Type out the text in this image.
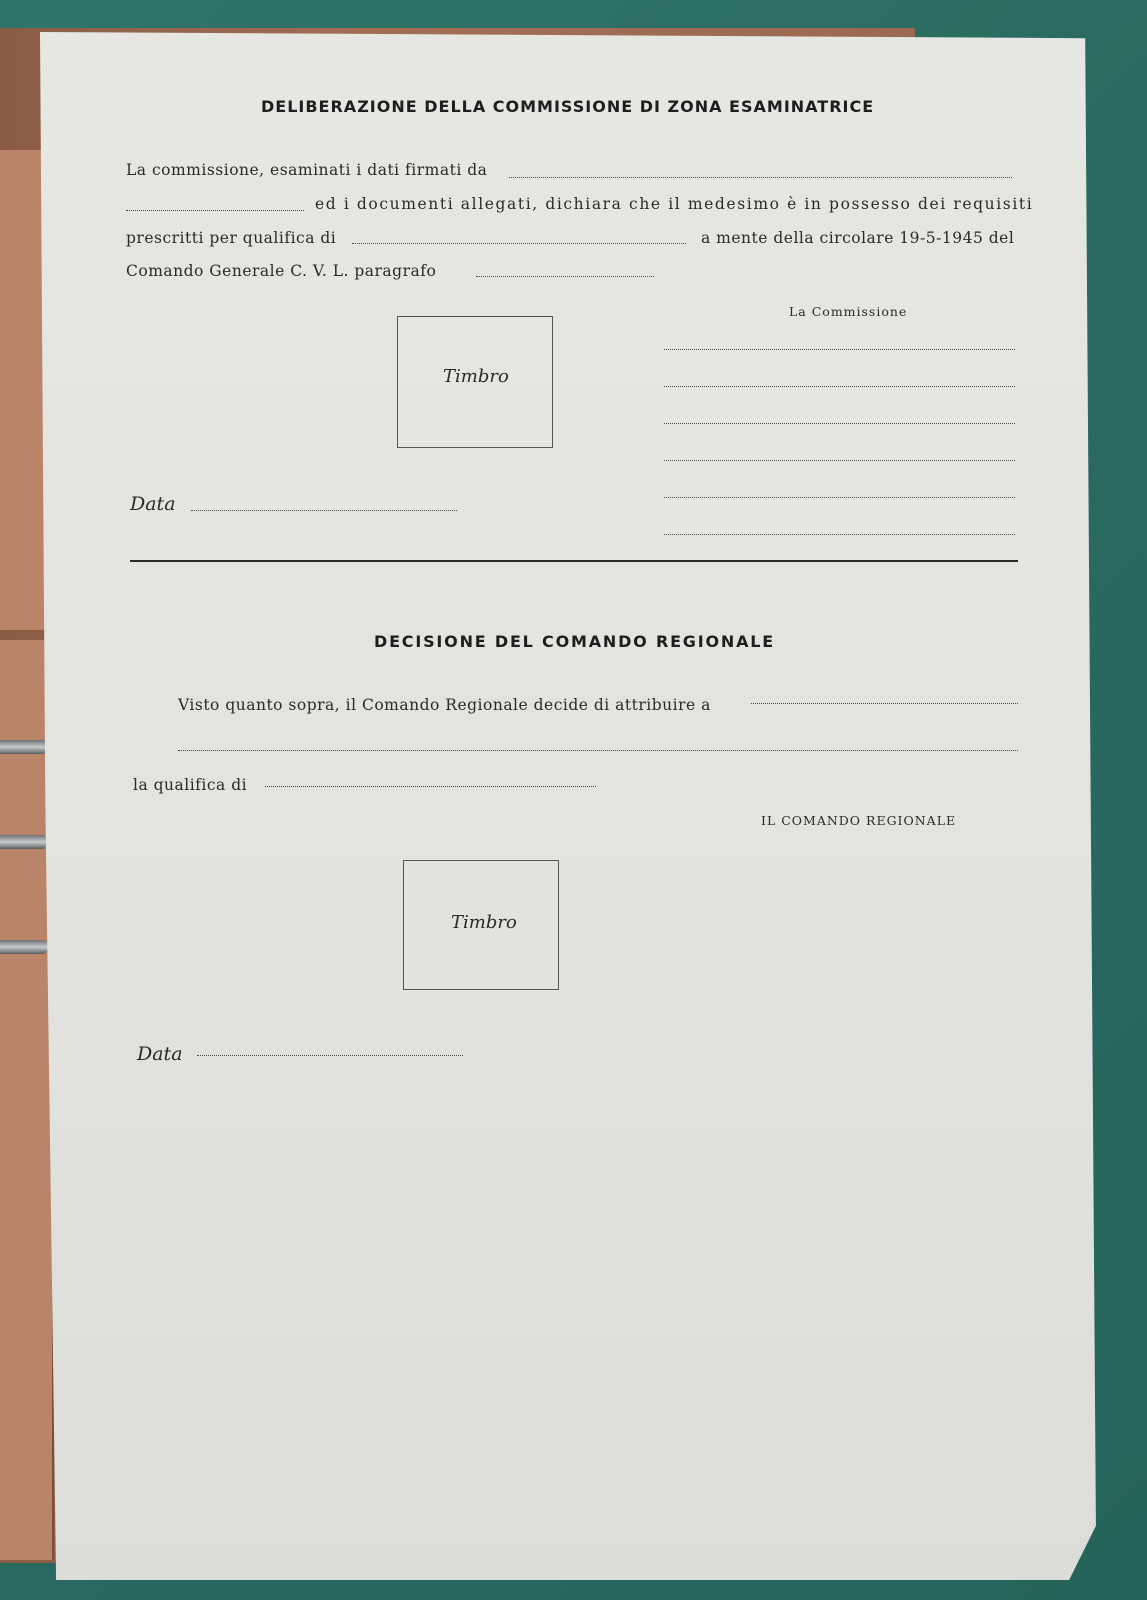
DELIBERAZIONE DELLA COMMISSIONE DI ZONA ESAMINATRICE
La commissione, esaminati i dati firmati da
ed i documenti allegati, dichiara che il medesimo è in possesso dei requisiti
prescritti per qualifica di	a mente della circolare 19-5-1945 del
Comando Generale C. V. L. paragrafo
La Commissione
Timbro
Data
DECISIONE DEL COMANDO REGIONALE
Visto quanto sopra, il Comando Regionale decide di attribuire a
la qualifica di
IL COMANDO REGIONALE
Timbro
Data
